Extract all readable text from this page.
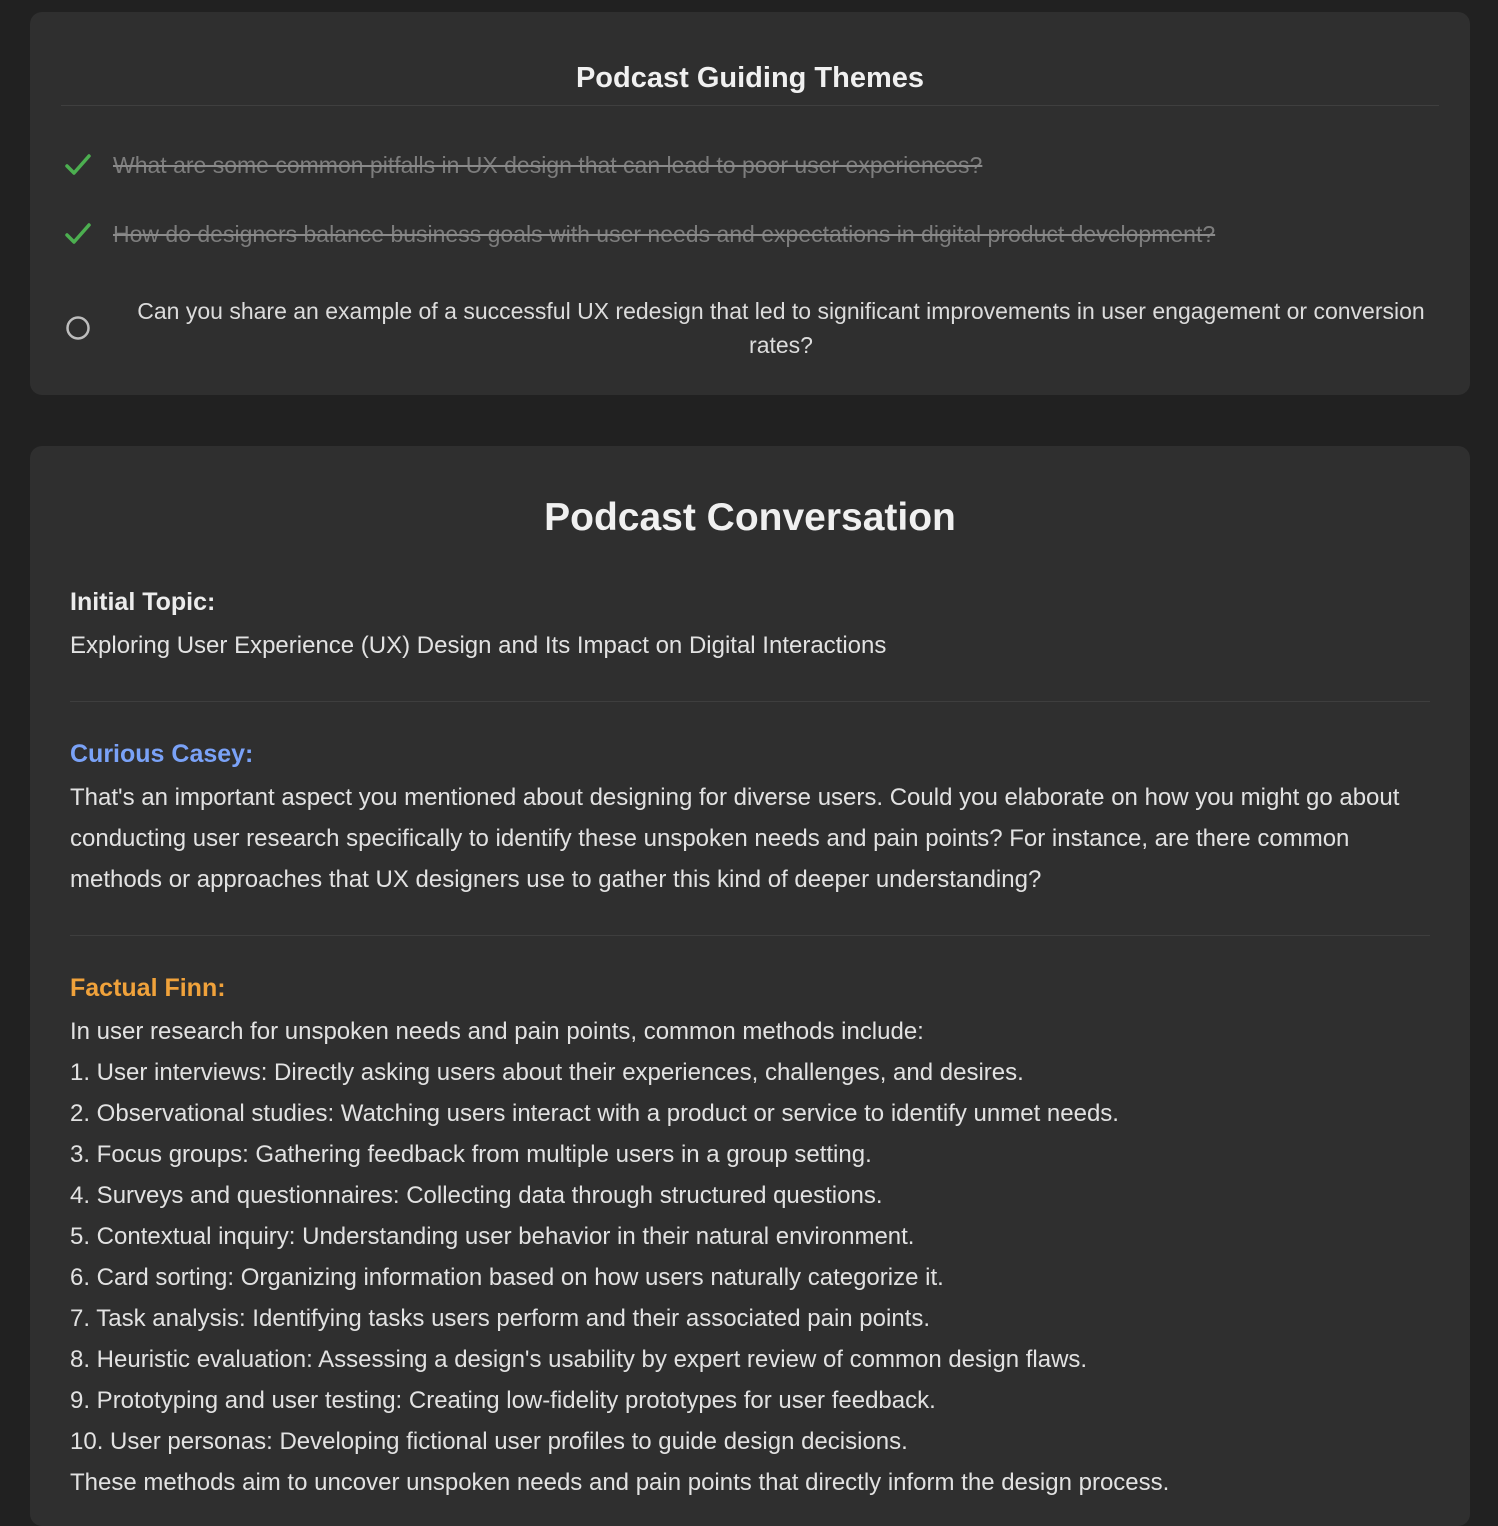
Podcast Guiding Themes
What are some common pitfalls in UX design that can lead to poor user experiences?
How do designers balance business goals with user needs and expectations in digital product development?
Can you share an example of a successful UX redesign that led to significant improvements in user engagement or conversion rates?
Podcast Conversation
Initial Topic:
Exploring User Experience (UX) Design and Its Impact on Digital Interactions
Curious Casey:
That's an important aspect you mentioned about designing for diverse users. Could you elaborate on how you might go about conducting user research specifically to identify these unspoken needs and pain points? For instance, are there common methods or approaches that UX designers use to gather this kind of deeper understanding?
Factual Finn:
In user research for unspoken needs and pain points, common methods include:
1. User interviews: Directly asking users about their experiences, challenges, and desires.
2. Observational studies: Watching users interact with a product or service to identify unmet needs.
3. Focus groups: Gathering feedback from multiple users in a group setting.
4. Surveys and questionnaires: Collecting data through structured questions.
5. Contextual inquiry: Understanding user behavior in their natural environment.
6. Card sorting: Organizing information based on how users naturally categorize it.
7. Task analysis: Identifying tasks users perform and their associated pain points.
8. Heuristic evaluation: Assessing a design's usability by expert review of common design flaws.
9. Prototyping and user testing: Creating low-fidelity prototypes for user feedback.
10. User personas: Developing fictional user profiles to guide design decisions.
These methods aim to uncover unspoken needs and pain points that directly inform the design process.
